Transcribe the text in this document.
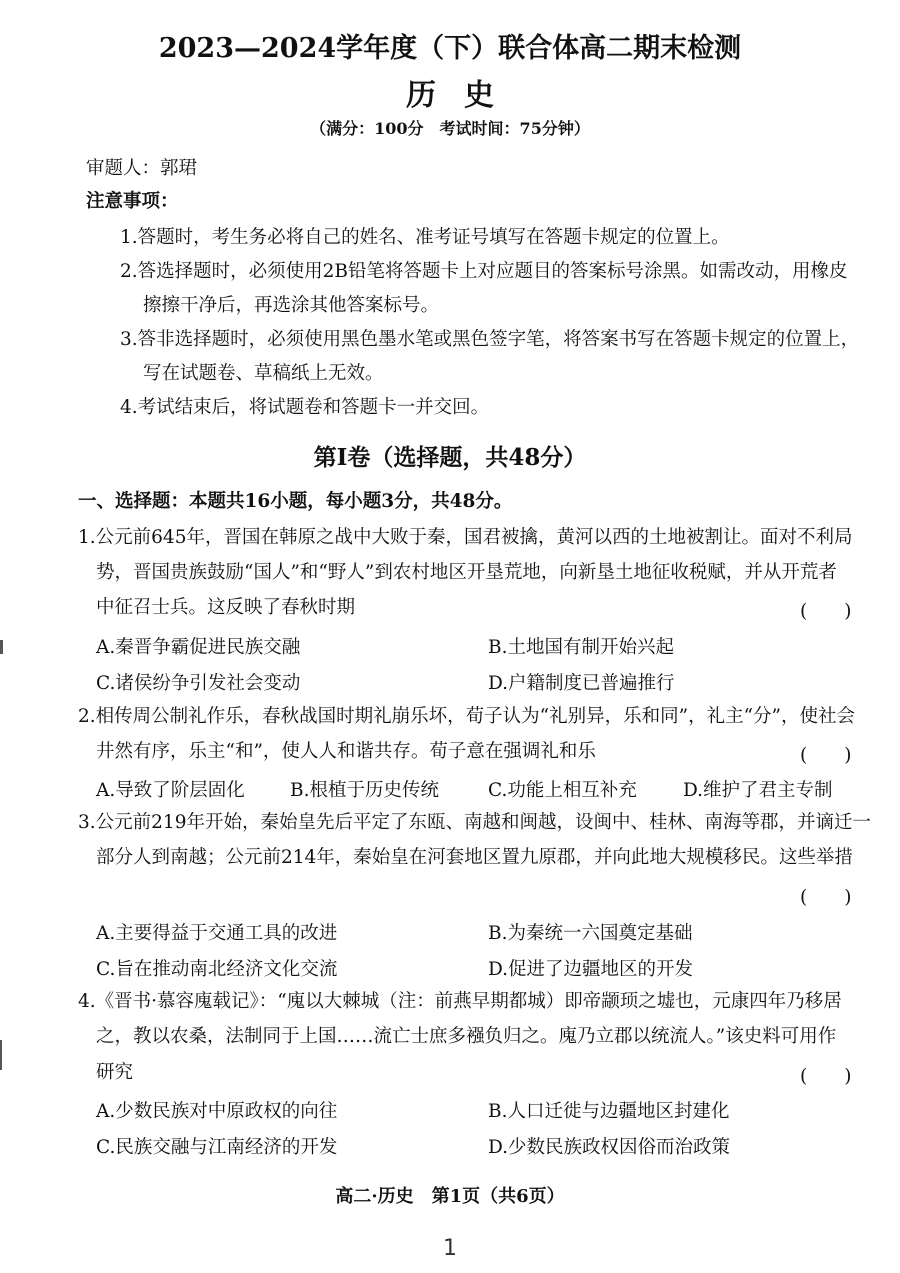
2023—2024学年度（下）联合体高二期末检测
历史
（满分：100分　考试时间：75分钟）
审题人：郭珺
注意事项：
1.答题时，考生务必将自己的姓名、准考证号填写在答题卡规定的位置上。
2.答选择题时，必须使用2B铅笔将答题卡上对应题目的答案标号涂黑。如需改动，用橡皮
擦擦干净后，再选涂其他答案标号。
3.答非选择题时，必须使用黑色墨水笔或黑色签字笔，将答案书写在答题卡规定的位置上，
写在试题卷、草稿纸上无效。
4.考试结束后，将试题卷和答题卡一并交回。
第Ⅰ卷（选择题，共48分）
一、选择题：本题共16小题，每小题3分，共48分。
1.公元前645年，晋国在韩原之战中大败于秦，国君被擒，黄河以西的土地被割让。面对不利局
势，晋国贵族鼓励“国人”和“野人”到农村地区开垦荒地，向新垦土地征收税赋，并从开荒者
中征召士兵。这反映了春秋时期	(　　)
A.秦晋争霸促进民族交融	B.土地国有制开始兴起
C.诸侯纷争引发社会变动	D.户籍制度已普遍推行
2.相传周公制礼作乐，春秋战国时期礼崩乐坏，荀子认为“礼别异，乐和同”，礼主“分”，使社会
井然有序，乐主“和”，使人人和谐共存。荀子意在强调礼和乐	(　　)
A.导致了阶层固化 B.根植于历史传统	C.功能上相互补充 D.维护了君主专制
3.公元前219年开始，秦始皇先后平定了东瓯、南越和闽越，设闽中、桂林、南海等郡，并谪迁一
部分人到南越；公元前214年，秦始皇在河套地区置九原郡，并向此地大规模移民。这些举措
(　　)
A.主要得益于交通工具的改进	B.为秦统一六国奠定基础
C.旨在推动南北经济文化交流	D.促进了边疆地区的开发
4.《晋书·慕容廆载记》：“廆以大棘城（注：前燕早期都城）即帝颛顼之墟也，元康四年乃移居
之，教以农桑，法制同于上国……流亡士庶多襁负归之。廆乃立郡以统流人。”该史料可用作
研究	(　　)
A.少数民族对中原政权的向往	B.人口迁徙与边疆地区封建化
C.民族交融与江南经济的开发	D.少数民族政权因俗而治政策
高二·历史　第1页（共6页）
1
